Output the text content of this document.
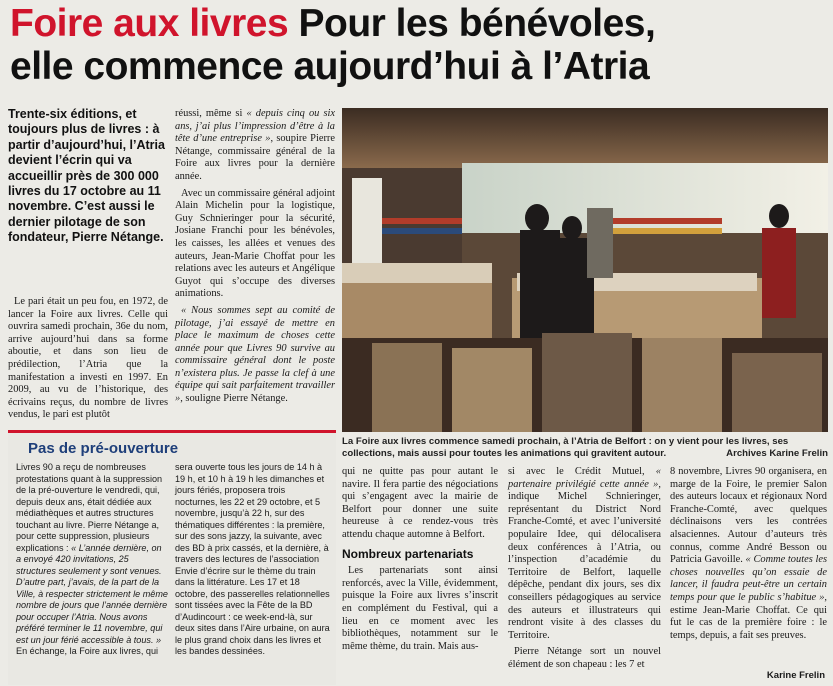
Foire aux livres Pour les bénévoles,
elle commence aujourd’hui à l’Atria
Trente-six éditions, et toujours plus de livres : à partir d’aujourd’hui, l’Atria devient l’écrin qui va accueillir près de 300 000 livres du 17 octobre au 11 novembre. C’est aussi le dernier pilotage de son fondateur, Pierre Nétange.

Le pari était un peu fou, en 1972, de lancer la Foire aux livres. Celle qui ouvrira samedi prochain, 36e du nom, arrive aujourd’hui dans sa forme aboutie, et dans son lieu de prédilection, l’Atria que la manifestation a investi en 1997. En 2009, au vu de l’historique, des écrivains reçus, du nombre de livres vendus, le pari est plutôt

réussi, même si « depuis cinq ou six ans, j’ai plus l’impression d’être à la tête d’une entreprise », soupire Pierre Nétange, commissaire général de la Foire aux livres pour la dernière année.

Avec un commissaire général adjoint Alain Michelin pour la logistique, Guy Schnieringer pour la sécurité, Josiane Franchi pour les bénévoles, les caisses, les allées et venues des auteurs, Jean-Marie Choffat pour les relations avec les auteurs et Angélique Guyot qui s’occupe des diverses animations.

« Nous sommes sept au comité de pilotage, j’ai essayé de mettre en place le maximum de choses cette année pour que Livres 90 survive au commissaire général dont le poste n’existera plus. Je passe la clef à une équipe qui sait parfaitement travailler », souligne Pierre Nétange.

La Foire aux livres commence samedi prochain, à l’Atria de Belfort : on y vient pour les livres, ses collections, mais aussi pour toutes les animations qui gravitent autour.	Archives Karine Frelin
Pas de pré-ouverture
Livres 90 a reçu de nombreuses protestations quant à la suppression de la pré-ouverture le vendredi, qui, depuis deux ans, était dédiée aux médiathèques et autres structures touchant au livre. Pierre Nétange a, pour cette suppression, plusieurs explications : « L’année dernière, on a envoyé 420 invitations, 25 structures seulement y sont venues. D’autre part, j’avais, de la part de la Ville, à respecter strictement le même nombre de jours que l’année dernière pour occuper l’Atria. Nous avons préféré terminer le 11 novembre, qui est un jour férié accessible à tous. » En échange, la Foire aux livres, qui
sera ouverte tous les jours de 14 h à 19 h, et 10 h à 19 h les dimanches et jours fériés, proposera trois nocturnes, les 22 et 29 octobre, et 5 novembre, jusqu’à 22 h, sur des thématiques différentes : la première, sur des sons jazzy, la suivante, avec des BD à prix cassés, et la dernière, à travers des lectures de l’association Envie d’écrire sur le thème du train dans la littérature. Les 17 et 18 octobre, des passerelles relationnelles sont tissées avec la Fête de la BD d’Audincourt : ce week-end-là, sur deux sites dans l’Aire urbaine, on aura le plus grand choix dans les livres et les bandes dessinées.

qui ne quitte pas pour autant le navire. Il fera partie des négociations qui s’engagent avec la mairie de Belfort pour donner une suite heureuse à ce rendez-vous très attendu chaque automne à Belfort.

Nombreux partenariats

Les partenariats sont ainsi renforcés, avec la Ville, évidemment, puisque la Foire aux livres s’inscrit en complément du Festival, qui a lieu en ce moment avec les bibliothèques, notamment sur le même thème, du train. Mais aus-

si avec le Crédit Mutuel, « partenaire privilégié cette année », indique Michel Schnieringer, représentant du District Nord Franche-Comté, et avec l’université populaire Idee, qui délocalisera deux conférences à l’Atria, ou l’inspection d’académie du Territoire de Belfort, laquelle dépêche, pendant dix jours, ses dix conseillers pédagogiques au service des auteurs et illustrateurs qui rendront visite à des classes du Territoire.

Pierre Nétange sort un nouvel élément de son chapeau : les 7 et

8 novembre, Livres 90 organisera, en marge de la Foire, le premier Salon des auteurs locaux et régionaux Nord Franche-Comté, avec quelques déclinaisons vers les contrées alsaciennes. Autour d’auteurs très connus, comme André Besson ou Patricia Gavoille. « Comme toutes les choses nouvelles qu’on essaie de lancer, il faudra peut-être un certain temps pour que le public s’habitue », estime Jean-Marie Choffat. Ce qui fut le cas de la première foire : le temps, depuis, a fait ses preuves.

Karine Frelin
